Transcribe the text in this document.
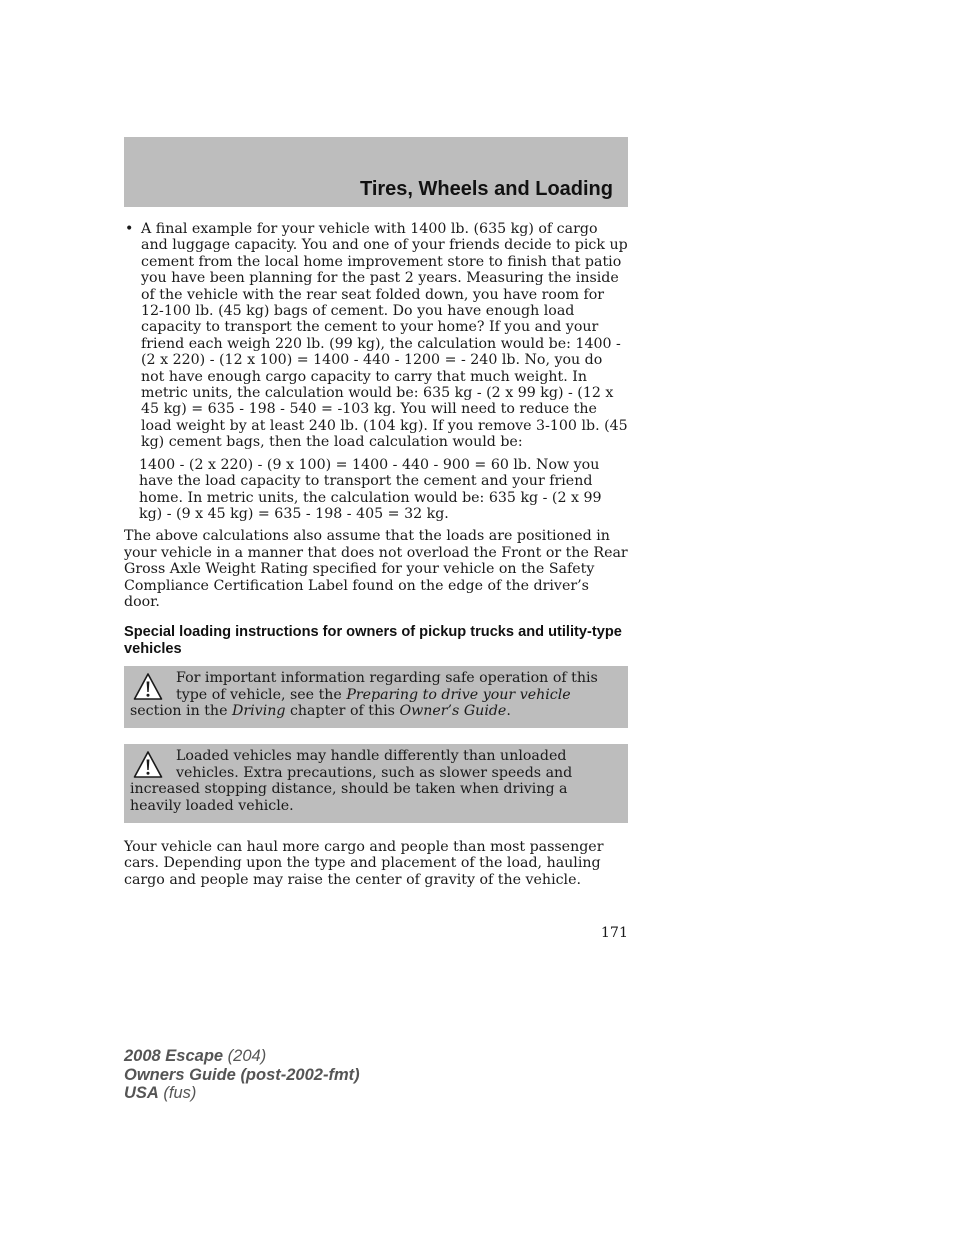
Tires, Wheels and Loading
• A final example for your vehicle with 1400 lb. (635 kg) of cargo and luggage capacity. You and one of your friends decide to pick up cement from the local home improvement store to finish that patio you have been planning for the past 2 years. Measuring the inside of the vehicle with the rear seat folded down, you have room for 12-100 lb. (45 kg) bags of cement. Do you have enough load capacity to transport the cement to your home? If you and your friend each weigh 220 lb. (99 kg), the calculation would be: 1400 - (2 x 220) - (12 x 100) = 1400 - 440 - 1200 = - 240 lb. No, you do not have enough cargo capacity to carry that much weight. In metric units, the calculation would be: 635 kg - (2 x 99 kg) - (12 x 45 kg) = 635 - 198 - 540 = -103 kg. You will need to reduce the load weight by at least 240 lb. (104 kg). If you remove 3-100 lb. (45 kg) cement bags, then the load calculation would be:
1400 - (2 x 220) - (9 x 100) = 1400 - 440 - 900 = 60 lb. Now you have the load capacity to transport the cement and your friend home. In metric units, the calculation would be: 635 kg - (2 x 99 kg) - (9 x 45 kg) = 635 - 198 - 405 = 32 kg.
The above calculations also assume that the loads are positioned in your vehicle in a manner that does not overload the Front or the Rear Gross Axle Weight Rating specified for your vehicle on the Safety Compliance Certification Label found on the edge of the driver’s door.
Special loading instructions for owners of pickup trucks and utility-type vehicles
For important information regarding safe operation of this type of vehicle, see the Preparing to drive your vehicle section in the Driving chapter of this Owner’s Guide.
Loaded vehicles may handle differently than unloaded vehicles. Extra precautions, such as slower speeds and increased stopping distance, should be taken when driving a heavily loaded vehicle.
Your vehicle can haul more cargo and people than most passenger cars. Depending upon the type and placement of the load, hauling cargo and people may raise the center of gravity of the vehicle.
171
2008 Escape (204)
Owners Guide (post-2002-fmt)
USA (fus)
